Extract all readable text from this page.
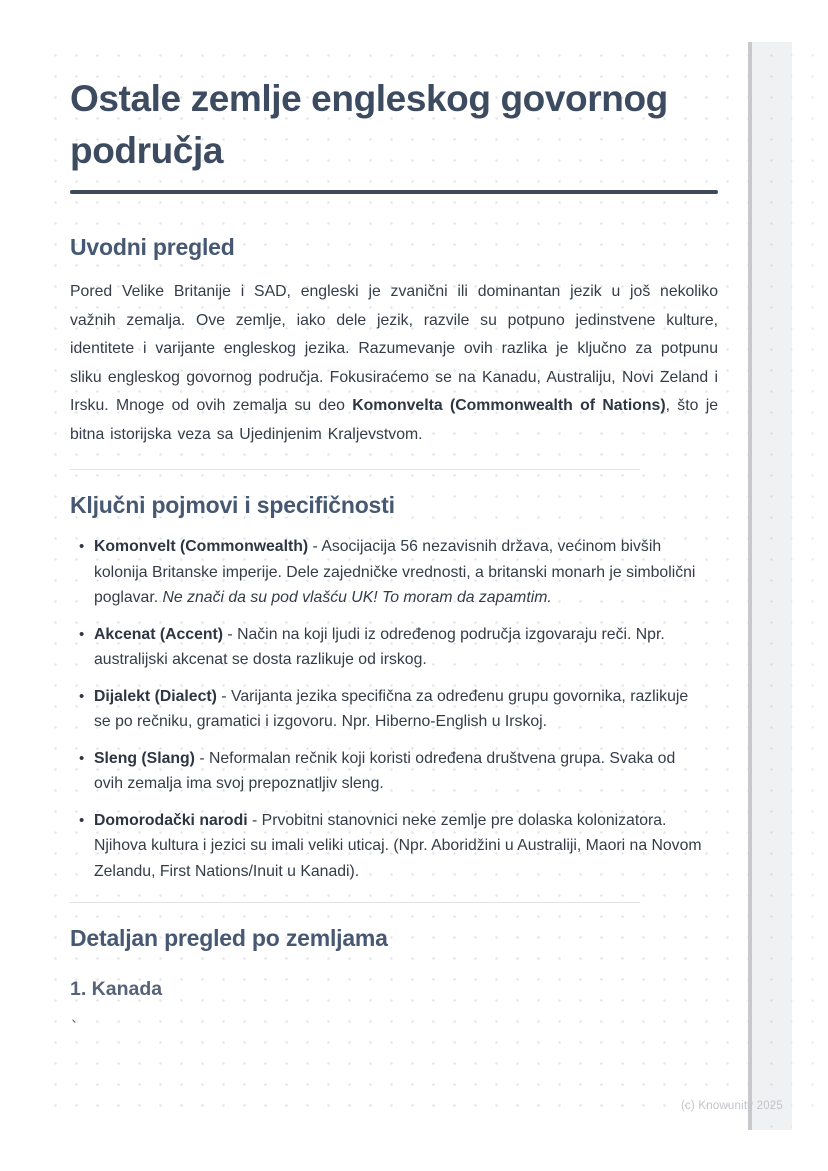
Ostale zemlje engleskog govornog područja
Uvodni pregled

Pored Velike Britanije i SAD, engleski je zvanični ili dominantan jezik u još nekoliko važnih zemalja. Ove zemlje, iako dele jezik, razvile su potpuno jedinstvene kulture, identitete i varijante engleskog jezika. Razumevanje ovih razlika je ključno za potpunu sliku engleskog govornog područja. Fokusiraćemo se na Kanadu, Australiju, Novi Zeland i Irsku. Mnoge od ovih zemalja su deo Komonvelta (Commonwealth of Nations), što je bitna istorijska veza sa Ujedinjenim Kraljevstvom.

Ključni pojmovi i specifičnosti
• Komonvelt (Commonwealth) - Asocijacija 56 nezavisnih država, većinom bivših kolonija Britanske imperije. Dele zajedničke vrednosti, a britanski monarh je simbolični poglavar. Ne znači da su pod vlašću UK! To moram da zapamtim.
• Akcenat (Accent) - Način na koji ljudi iz određenog područja izgovaraju reči. Npr. australijski akcenat se dosta razlikuje od irskog.
• Dijalekt (Dialect) - Varijanta jezika specifična za određenu grupu govornika, razlikuje se po rečniku, gramatici i izgovoru. Npr. Hiberno-English u Irskoj.
• Sleng (Slang) - Neformalan rečnik koji koristi određena društvena grupa. Svaka od ovih zemalja ima svoj prepoznatljiv sleng.
• Domorodački narodi - Prvobitni stanovnici neke zemlje pre dolaska kolonizatora. Njihova kultura i jezici su imali veliki uticaj. (Npr. Aboridžini u Australiji, Maori na Novom Zelandu, First Nations/Inuit u Kanadi).
Detaljan pregled po zemljama
1. Kanada
`
(c) Knowunity 2025
